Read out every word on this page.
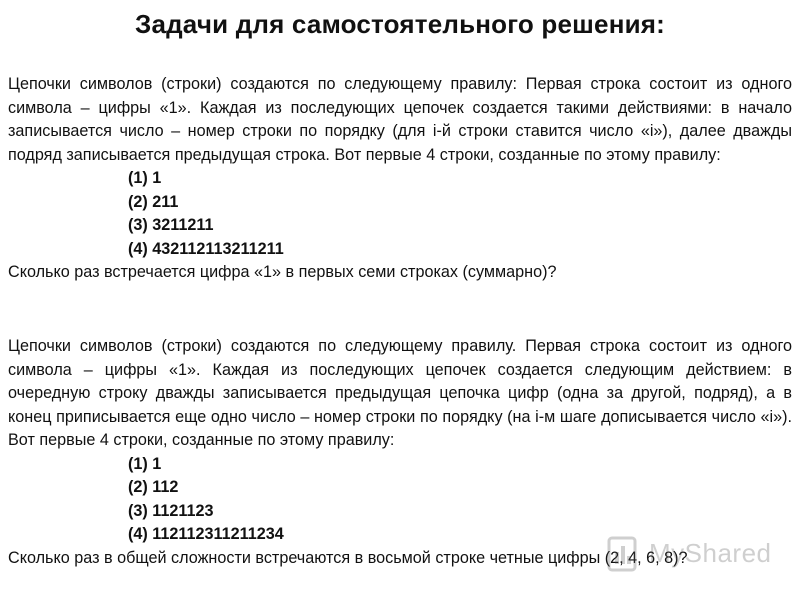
Задачи для самостоятельного решения:

Цепочки символов (строки) создаются по следующему правилу: Первая строка состоит из одного символа – цифры «1». Каждая из последующих цепочек создается такими действиями: в начало записывается число – номер строки по порядку (для i-й строки ставится число «i»), далее дважды подряд записывается предыдущая строка. Вот первые 4 строки, созданные по этому правилу:

(1) 1
(2) 211
(3) 3211211
(4) 432112113211211

Сколько раз встречается цифра «1» в первых семи строках (суммарно)?

Цепочки символов (строки) создаются по следующему правилу. Первая строка состоит из одного символа – цифры «1». Каждая из последующих цепочек создается следующим действием: в очередную строку дважды записывается предыдущая цепочка цифр (одна за другой, подряд), а в конец приписывается еще одно число – номер строки по порядку (на i-м шаге дописывается число «i»). Вот первые 4 строки, созданные по этому правилу:

(1) 1
(2) 112
(3) 1121123
(4) 112112311211234

Сколько раз в общей сложности встречаются в восьмой строке четные цифры (2, 4, 6, 8)?

MyShared
